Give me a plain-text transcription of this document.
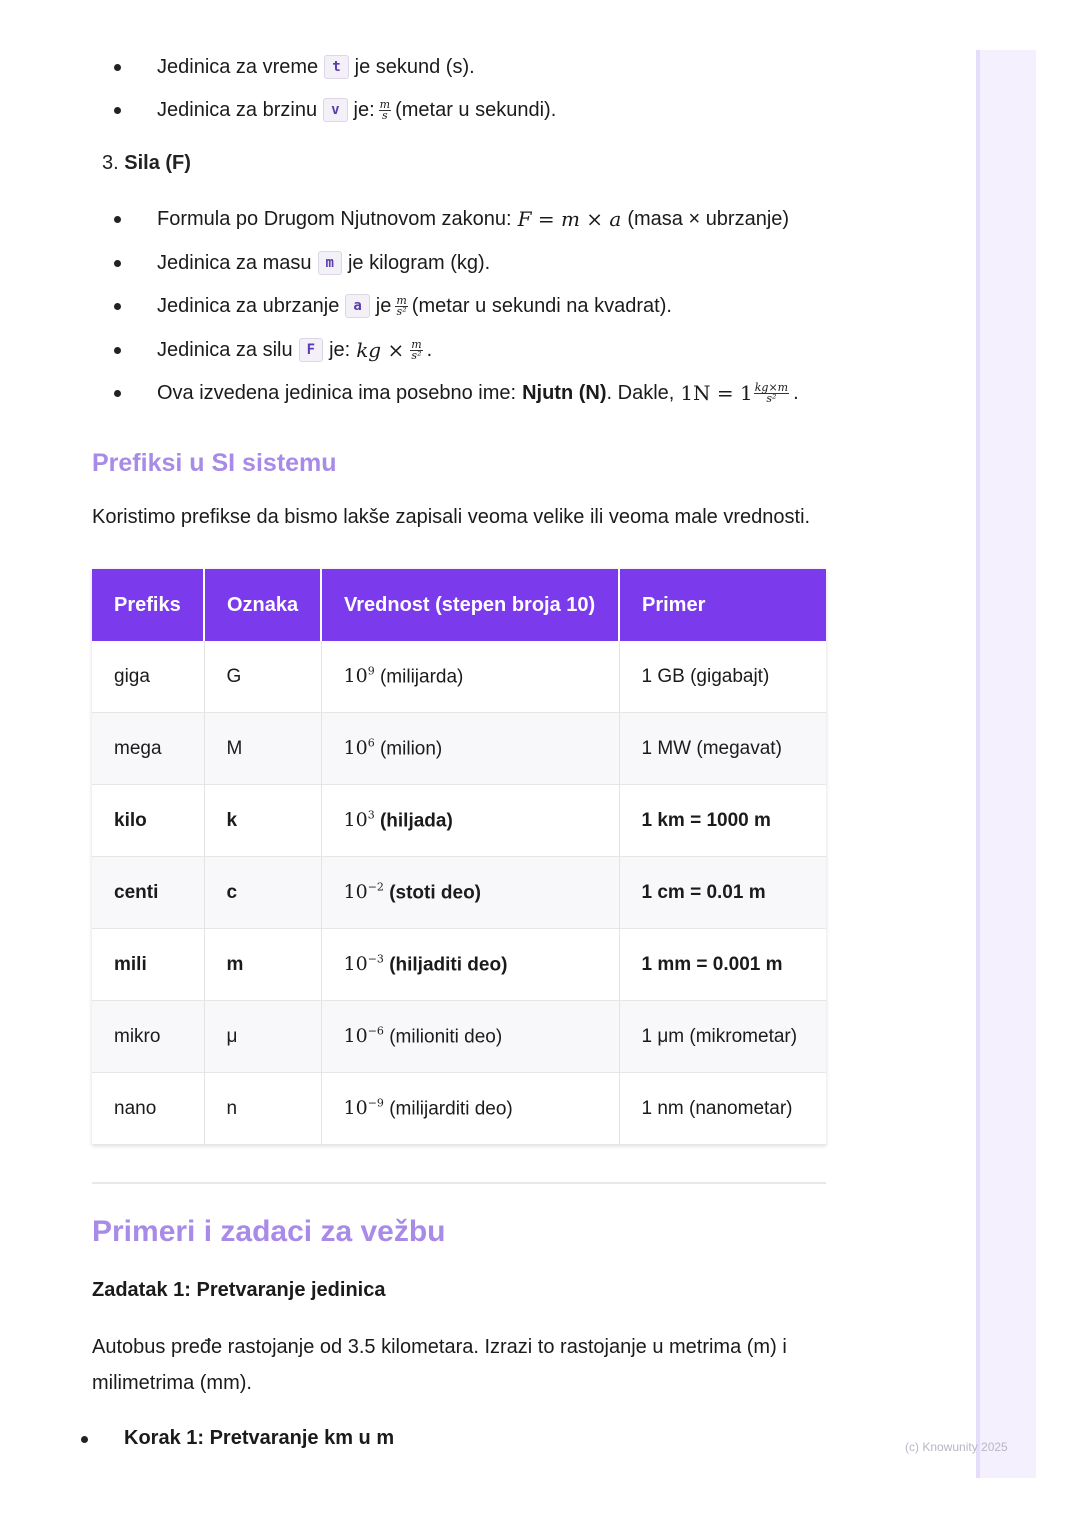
Jedinica za vreme	t je sekund (s).
Jedinica za brzinu	v je: $\frac{m}{s}$ (metar u sekundi).
3. Sila (F)
Formula po Drugom Njutnovom zakonu: F = m × a (masa × ubrzanje)
Jedinica za masu	m je kilogram (kg).
Jedinica za ubrzanje	a je $\frac{m}{\text{s²}}$ (metar u sekundi na kvadrat).
Jedinica za silu	F je: kg × $\frac{m}{\text{s²}}$ .
Ova izvedena jedinica ima posebno ime: Njutn (N) . Dakle, $1N = 1 \frac{kg\times m}{\text{s²}}$ .
Prefiksi u SI sistemu

Koristimo prefikse da bismo lakše zapisali veoma velike ili veoma male vrednosti.

Prefiks	Oznaka	Vrednost (stepen broja 10)	Primer
giga	G	$10^9$ (milijarda)	1 GB (gigabajt)
mega	M	$10^6$ (milion)	1 MW (megavat)
kilo	k	$10^3$ (hiljada)	1 km = 1000 m
centi	c	$10^{-2}$ (stoti deo)	1 cm = 0.01 m
mili	m	$10^{-3}$ (hiljaditi deo)	1 mm = 0.001 m
mikro	μ	$10^{-6}$ (milioniti deo)	1 μm (mikrometar)
nano	n	$10^{-9}$ (milijarditi deo)	1 nm (nanometar)
Primeri i zadaci za vežbu
Zadatak 1: Pretvaranje jedinica
Autobus pređe rastojanje od 3.5 kilometara. Izrazi to rastojanje u metrima (m) i
milimetrima (mm).
Korak 1: Pretvaranje km u m	(c) Knowunity 2025
